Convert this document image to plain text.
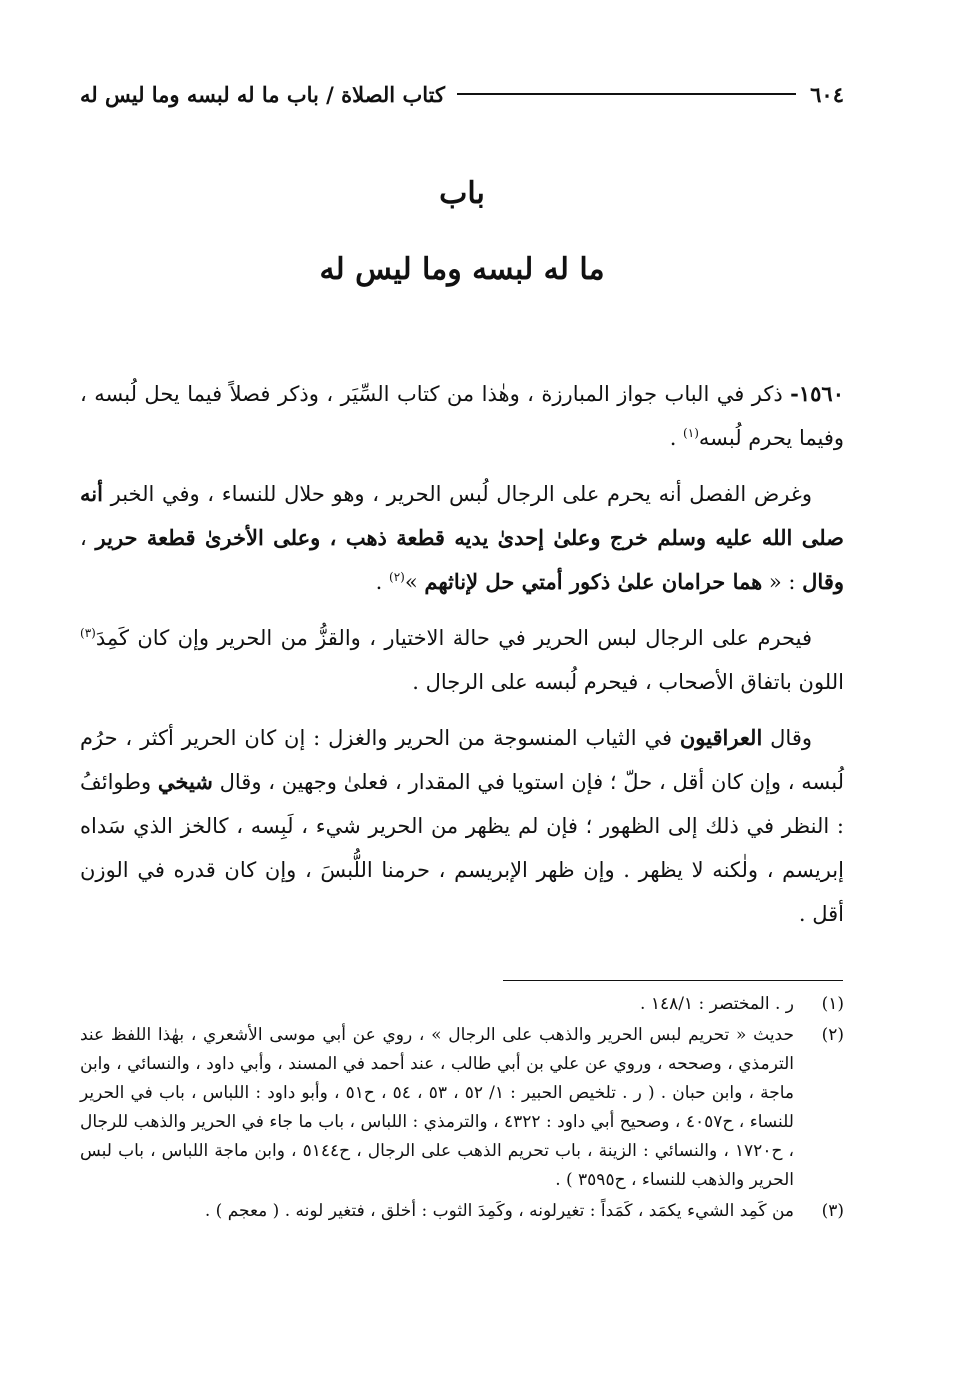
٦٠٤
كتاب الصلاة / باب ما له لبسه وما ليس له
باب
ما له لبسه وما ليس له

١٥٦٠- ذكر في الباب جواز المبارزة ، وهٰذا من كتاب السِّيَر ، وذكر فصلاً فيما يحل لُبسه ، وفيما يحرم لُبسه$^{(١)}$ .

وغرض الفصل أنه يحرم على الرجال لُبس الحرير ، وهو حلال للنساء ، وفي الخبر أنه صلى الله عليه وسلم خرج وعلىٰ إحدىٰ يديه قطعة ذهب ، وعلى الأخرىٰ قطعة حرير ، وقال : « هما حرامان علىٰ ذكور أمتي حل لإناثهم »$^{(٢)}$ .

فيحرم على الرجال لبس الحرير في حالة الاختيار ، والقزُّ من الحرير وإن كان كَمِدَ$^{(٣)}$ اللون باتفاق الأصحاب ، فيحرم لُبسه على الرجال .

وقال العراقيون في الثياب المنسوجة من الحرير والغزل : إن كان الحرير أكثر ، حرُم لُبسه ، وإن كان أقل ، حلّ ؛ فإن استويا في المقدار ، فعلىٰ وجهين ، وقال شيخي وطوائفُ : النظر في ذلك إلى الظهور ؛ فإن لم يظهر من الحرير شيء ، لَبِسه ، كالخز الذي سَداه إبريسم ، ولٰكنه لا يظهر . وإن ظهر الإبريسم ، حرمنا اللُّبسَ ، وإن كان قدره في الوزن أقل .

(١)
ر . المختصر : ١٤٨/١ .
(٢)
حديث « تحريم لبس الحرير والذهب على الرجال » ، روي عن أبي موسى الأشعري ، بهٰذا اللفظ عند الترمذي ، وصححه ، وروي عن علي بن أبي طالب ، عند أحمد في المسند ، وأبي داود ، والنسائي ، وابن ماجة ، وابن حبان . ( ر . تلخيص الحبير : ١/ ٥٢ ، ٥٣ ، ٥٤ ، ح٥١ ، وأبو داود : اللباس ، باب في الحرير للنساء ، ح٤٠٥٧ ، وصحيح أبي داود : ٤٣٢٢ ، والترمذي : اللباس ، باب ما جاء في الحرير والذهب للرجال ، ح١٧٢٠ ، والنسائي : الزينة ، باب تحريم الذهب على الرجال ، ح٥١٤٤ ، وابن ماجة اللباس ، باب لبس الحرير والذهب للنساء ، ح٣٥٩٥ ) .
(٣)
من كَمِد الشيء يكمَد ، كَمَداً : تغيرلونه ، وكَمِدَ الثوب : أخلق ، فتغير لونه . ( معجم ) .
